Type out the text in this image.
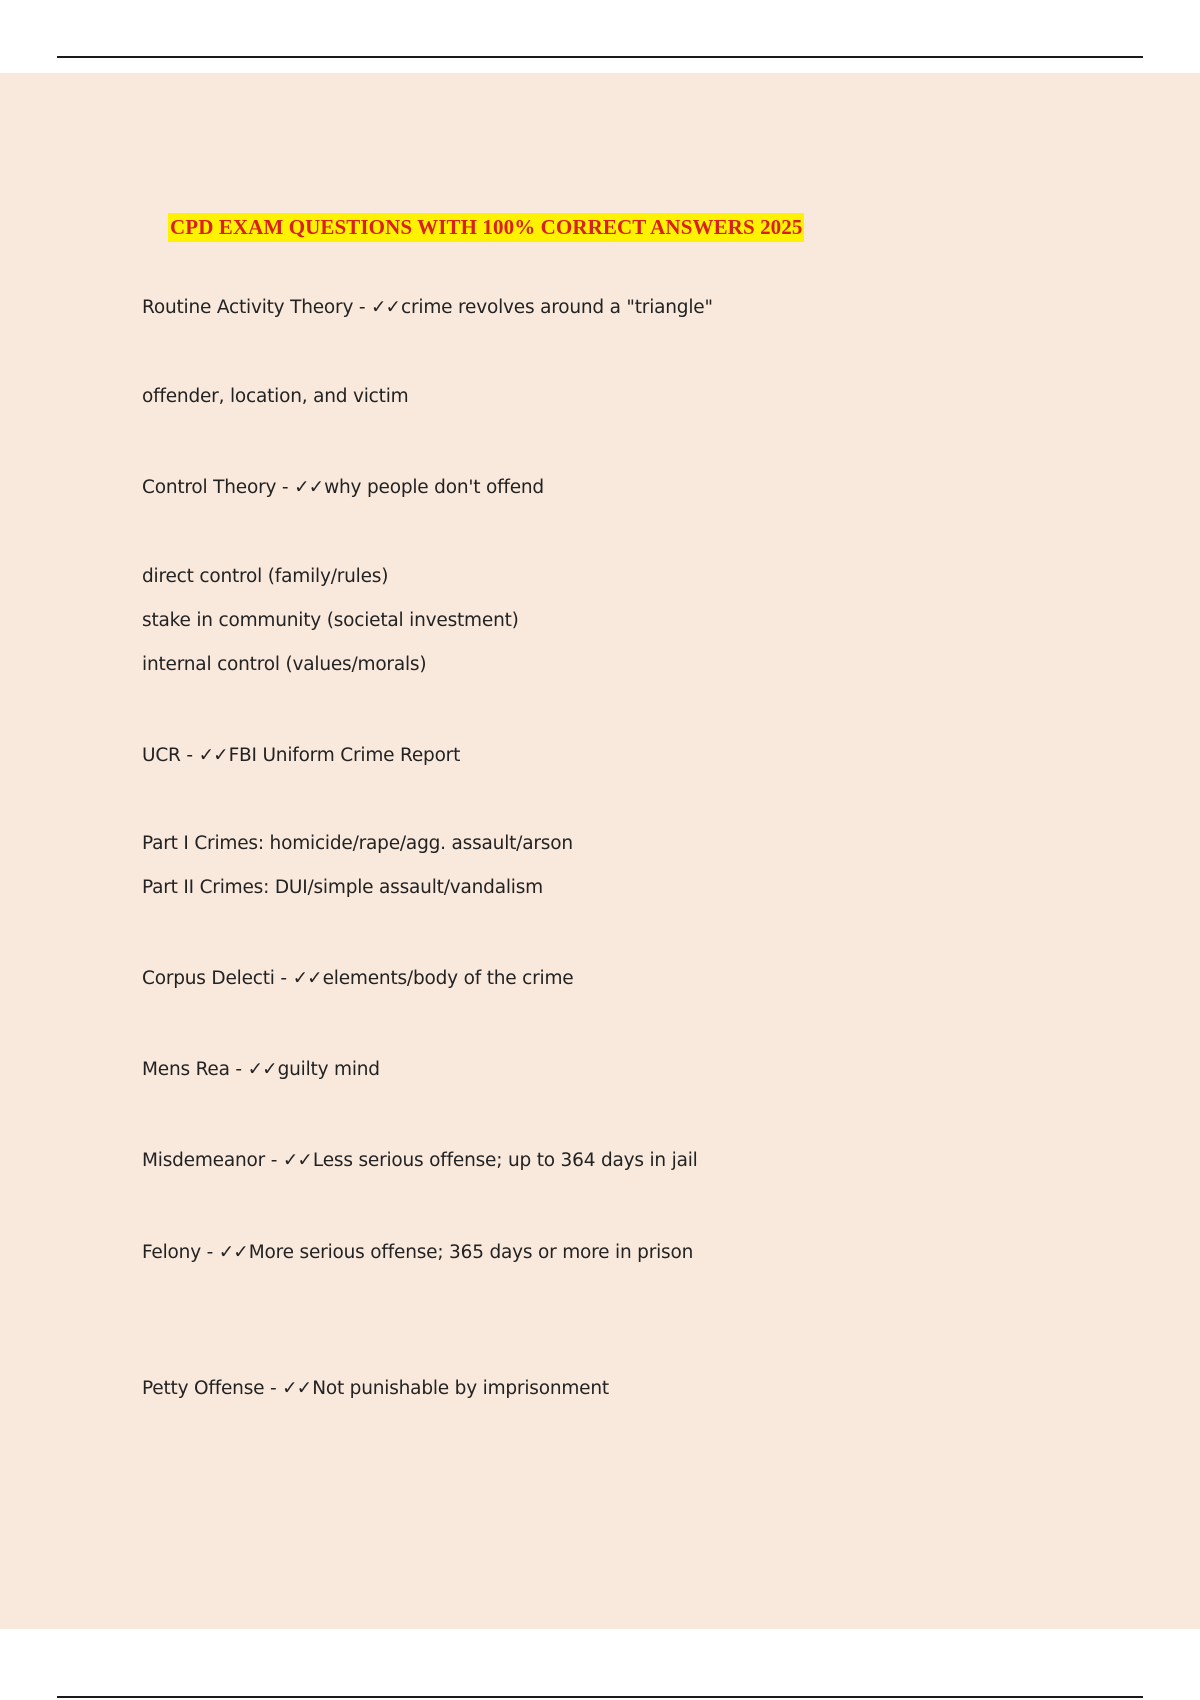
CPD EXAM QUESTIONS WITH 100% CORRECT ANSWERS 2025
Routine Activity Theory - ✓✓crime revolves around a "triangle"
offender, location, and victim
Control Theory - ✓✓why people don't offend
direct control (family/rules)
stake in community (societal investment)
internal control (values/morals)
UCR - ✓✓FBI Uniform Crime Report
Part I Crimes: homicide/rape/agg. assault/arson
Part II Crimes: DUI/simple assault/vandalism
Corpus Delecti - ✓✓elements/body of the crime
Mens Rea - ✓✓guilty mind
Misdemeanor - ✓✓Less serious offense; up to 364 days in jail
Felony - ✓✓More serious offense; 365 days or more in prison
Petty Offense - ✓✓Not punishable by imprisonment
